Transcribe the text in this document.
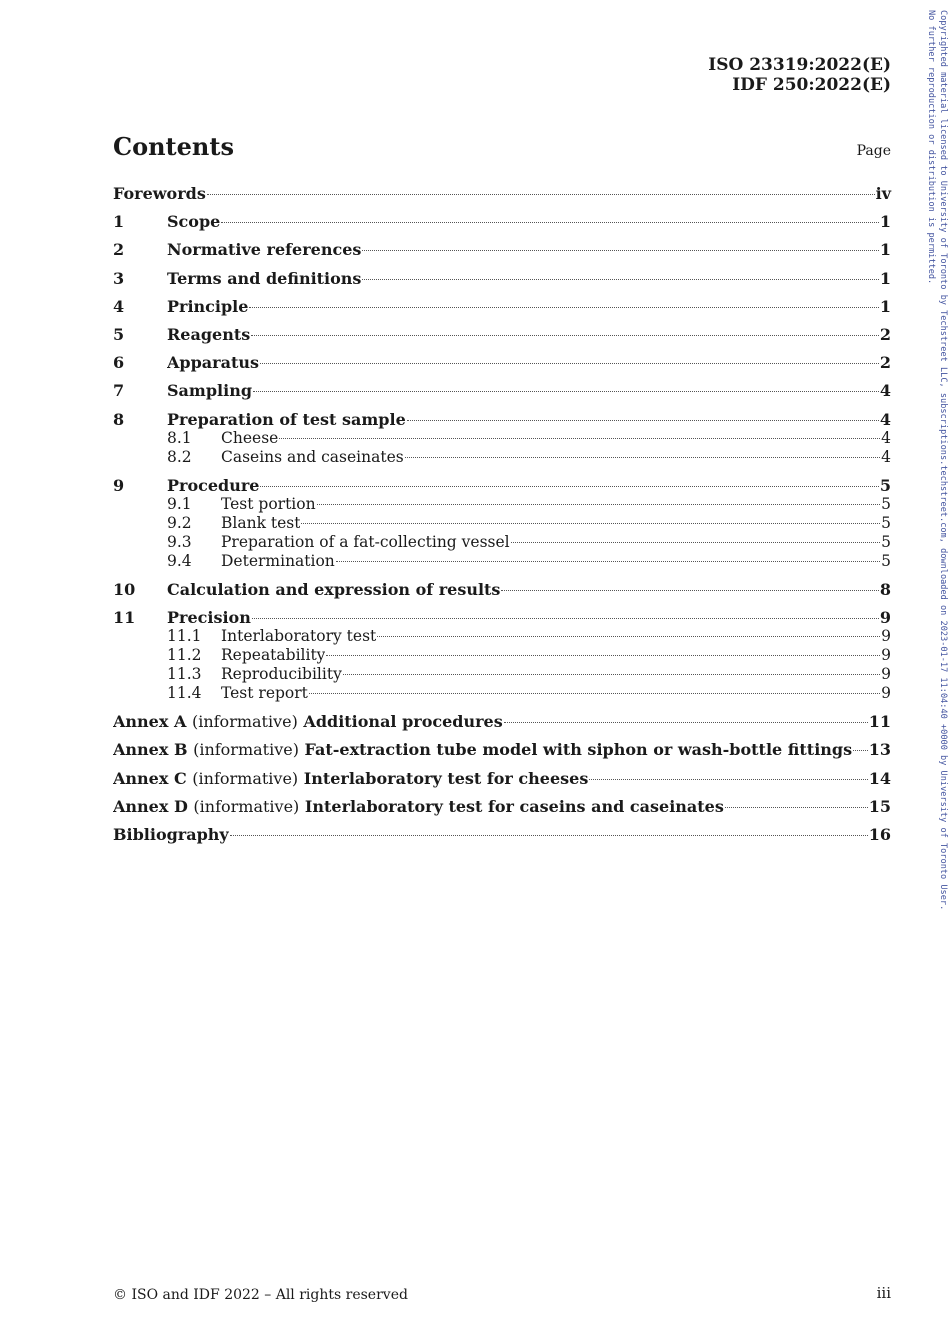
ISO 23319:2022(E)
IDF 250:2022(E)
Contents	Page
Forewords	iv
1	Scope	1
2	Normative references	1
3	Terms and definitions	1
4	Principle	1
5	Reagents	2
6	Apparatus	2
7	Sampling	4
8	Preparation of test sample	4
8.1	Cheese	4
8.2	Caseins and caseinates	4
9	Procedure	5
9.1	Test portion	5
9.2	Blank test	5
9.3	Preparation of a fat-collecting vessel	5
9.4	Determination	5
10	Calculation and expression of results	8
11	Precision	9
11.1	Interlaboratory test	9
11.2	Repeatability	9
11.3	Reproducibility	9
11.4	Test report	9
Annex A (informative) Additional procedures	11
Annex B (informative) Fat-extraction tube model with siphon or wash-bottle fittings 13
Annex C (informative) Interlaboratory test for cheeses	14
Annex D (informative) Interlaboratory test for caseins and caseinates	15
Bibliography	16
© ISO and IDF 2022 – All rights reserved	iii
Copyrighted material licensed to University of Toronto by Techstreet LLC, subscriptions.techstreet.com, downloaded on 2023-01-17 11:04:40 +0000 by University of Toronto User.
No further reproduction or distribution is permitted.
